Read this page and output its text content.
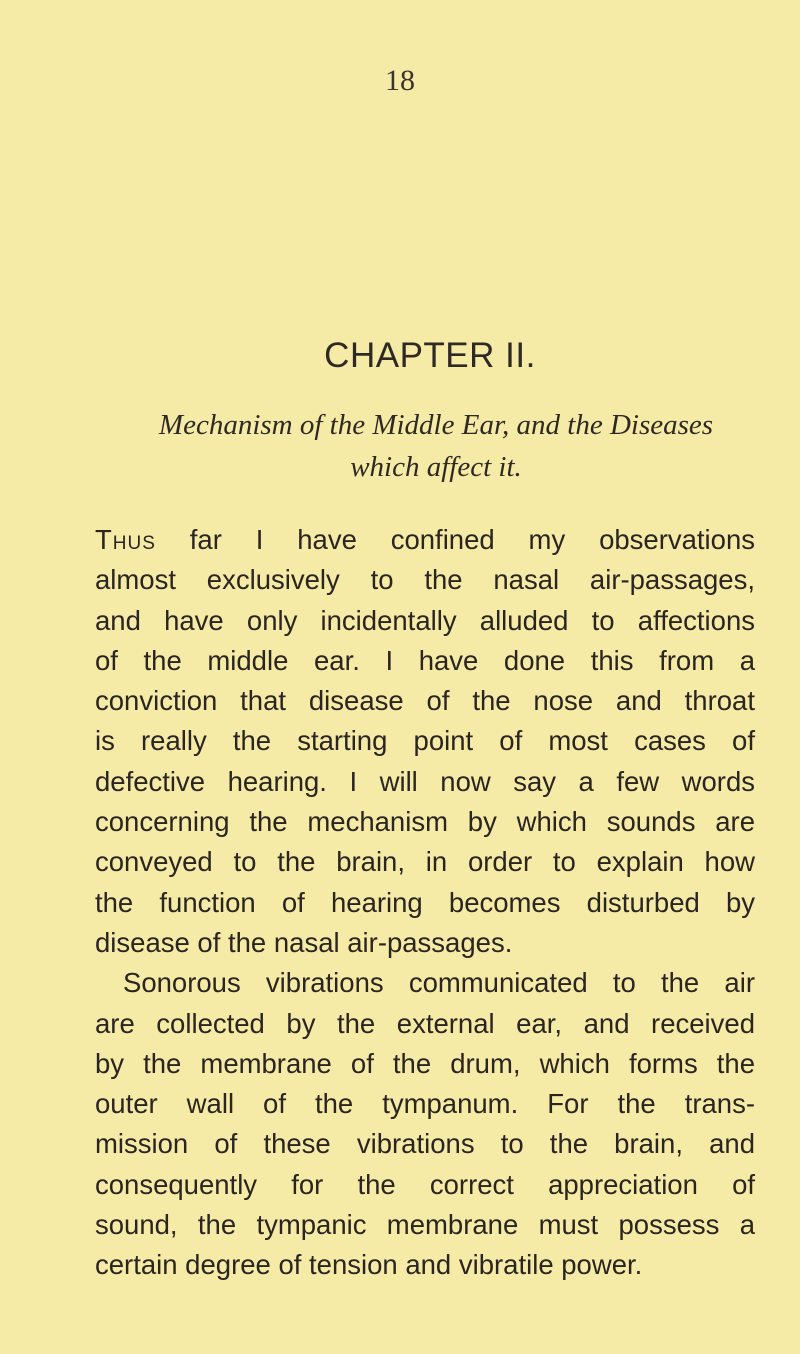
18
CHAPTER II.
Mechanism of the Middle Ear, and the Diseases
which affect it.
Thus far I have confined my observations
almost exclusively to the nasal air-passages,
and have only incidentally alluded to affections
of the middle ear. I have done this from a
conviction that disease of the nose and throat
is really the starting point of most cases of
defective hearing. I will now say a few words
concerning the mechanism by which sounds are
conveyed to the brain, in order to explain how
the function of hearing becomes disturbed by
disease of the nasal air-passages.
Sonorous vibrations communicated to the air
are collected by the external ear, and received
by the membrane of the drum, which forms the
outer wall of the tympanum. For the trans-
mission of these vibrations to the brain, and
consequently for the correct appreciation of
sound, the tympanic membrane must possess a
certain degree of tension and vibratile power.
